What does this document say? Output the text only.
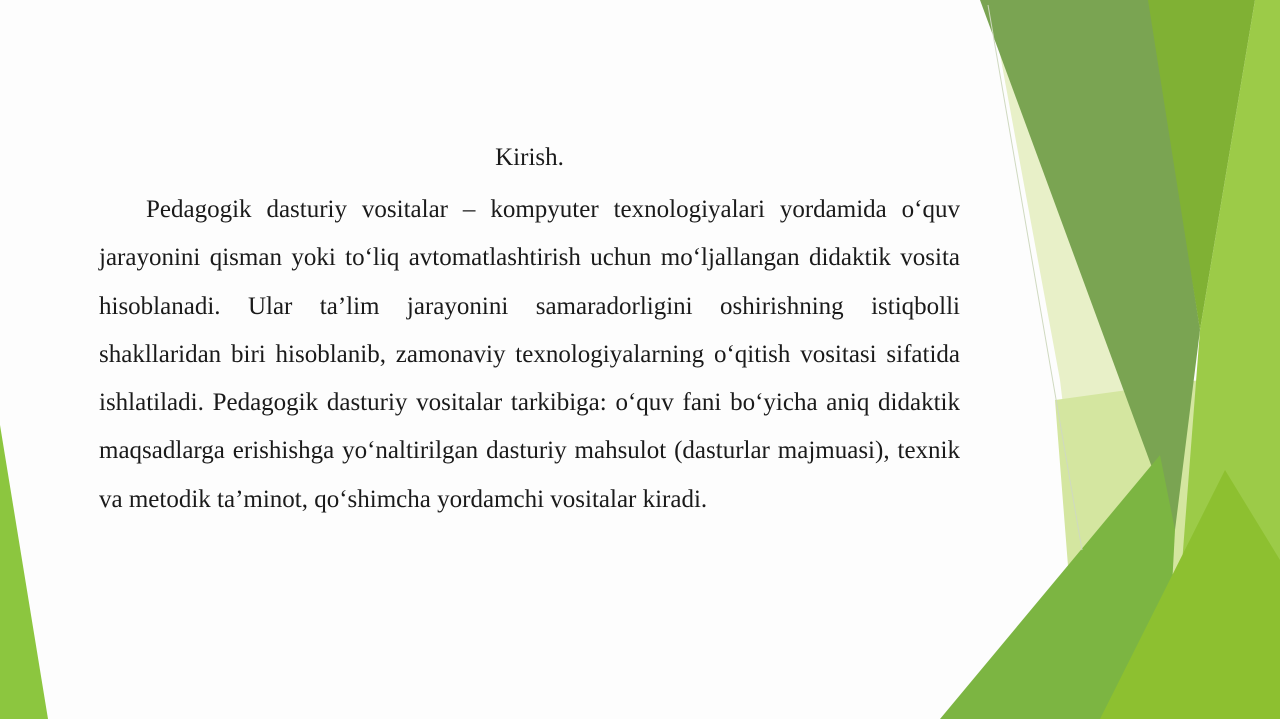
Kirish.

Pedagogik dasturiy vositalar – kompyuter texnologiyalari yordamida o‘quv jarayonini qisman yoki to‘liq avtomatlashtirish uchun mo‘ljallangan didaktik vosita hisoblanadi. Ular ta’lim jarayonini samaradorligini oshirishning istiqbolli shakllaridan biri hisoblanib, zamonaviy texnologiyalarning o‘qitish vositasi sifatida ishlatiladi. Pedagogik dasturiy vositalar tarkibiga: o‘quv fani bo‘yicha aniq didaktik maqsadlarga erishishga yo‘naltirilgan dasturiy mahsulot (dasturlar majmuasi), texnik va metodik ta’minot, qo‘shimcha yordamchi vositalar kiradi.
